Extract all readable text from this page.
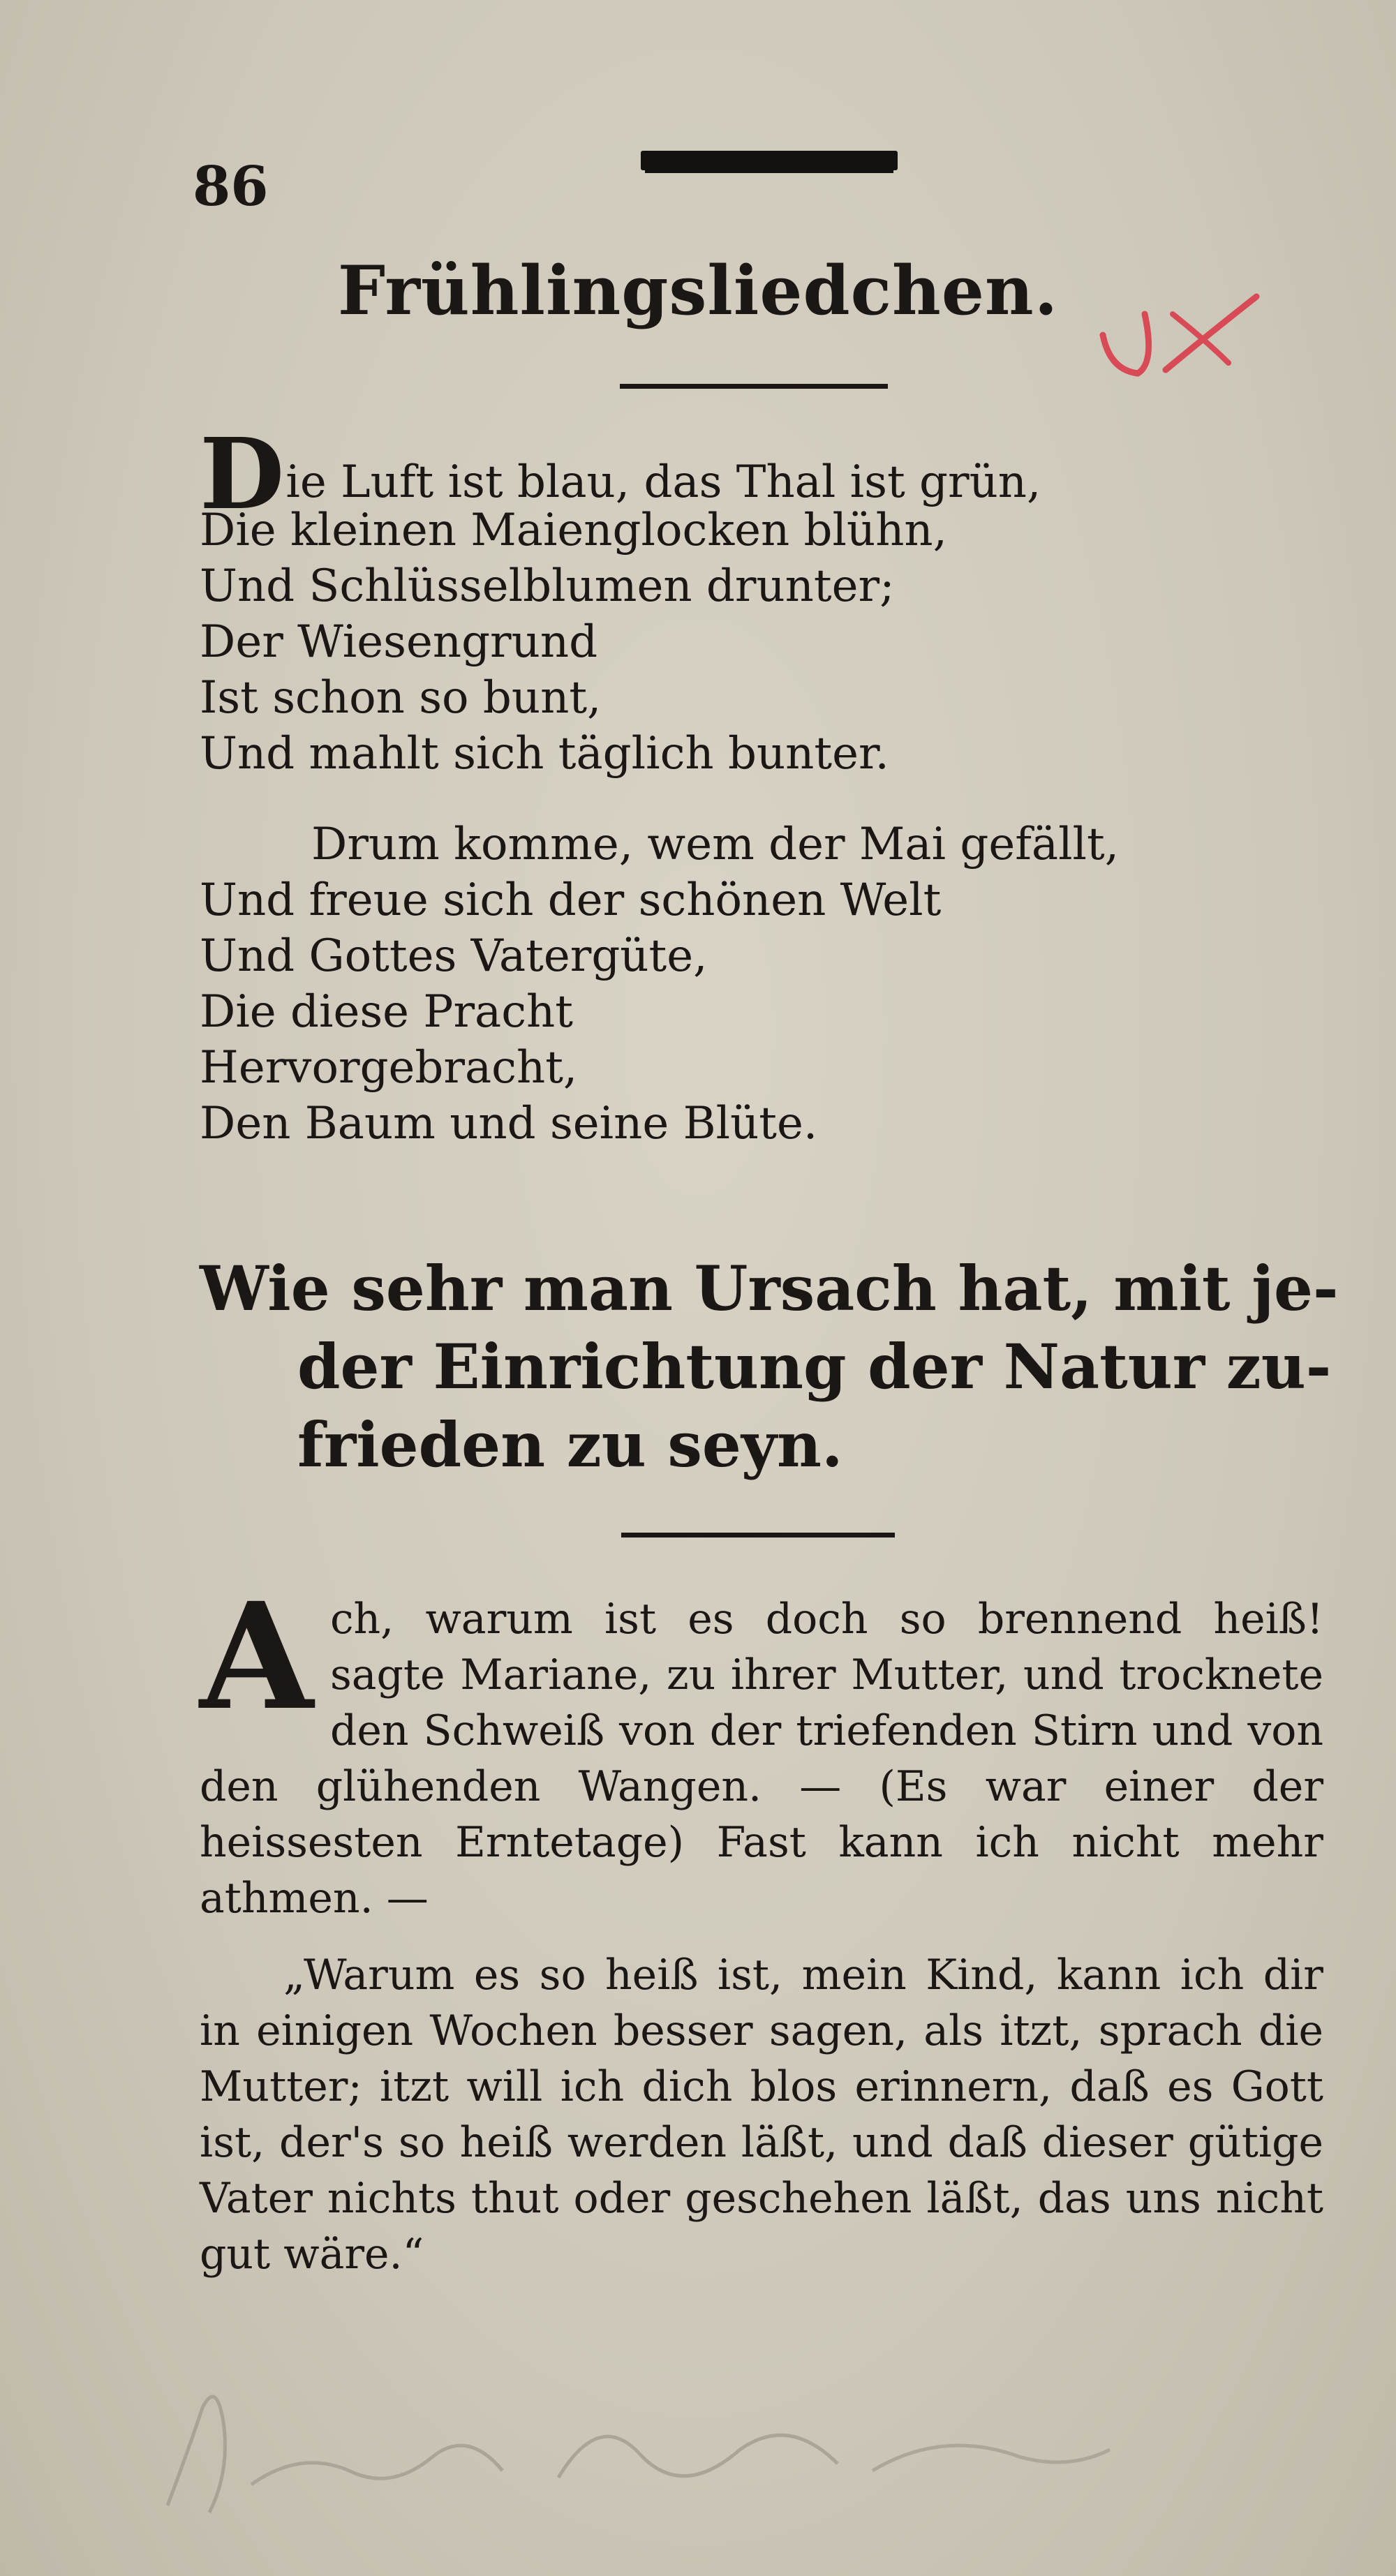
86
Frühlingsliedchen.
Die Luft ist blau, das Thal ist grün,
Die kleinen Maienglocken blühn,
Und Schlüsselblumen drunter;
Der Wiesengrund
Ist schon so bunt,
Und mahlt sich täglich bunter.
Drum komme, wem der Mai gefällt,
Und freue sich der schönen Welt
Und Gottes Vatergüte,
Die diese Pracht
Hervorgebracht,
Den Baum und seine Blüte.
Wie sehr man Ursach hat, mit je-
der Einrichtung der Natur zu-
frieden zu seyn.

Ach, warum ist es doch so brennend heiß! sagte Mariane, zu ihrer Mutter, und trocknete den Schweiß von der triefenden Stirn und von den glühenden Wangen. — (Es war einer der heissesten Erntetage) Fast kann ich nicht mehr athmen. —

„Warum es so heiß ist, mein Kind, kann ich dir in einigen Wochen besser sagen, als itzt, sprach die Mutter; itzt will ich dich blos erinnern, daß es Gott ist, der's so heiß werden läßt, und daß dieser gütige Vater nichts thut oder geschehen läßt, das uns nicht gut wäre.“
